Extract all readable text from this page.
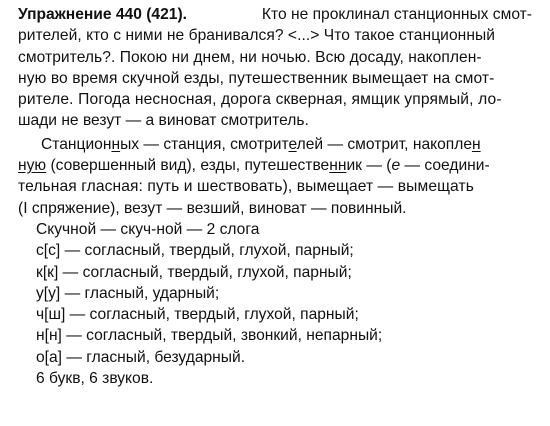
Упражнение 440 (421).	Кто не проклинал станционных смот-
рителей, кто с ними не бранивался? <...> Что такое станционный
смотритель?. Покою ни днем, ни ночью. Всю досаду, накоплен-
ную во время скучной езды, путешественник вымещает на смот-
рителе. Погода несносная, дорога скверная, ямщик упрямый, ло-
шади не везут — а виноват смотритель.
Станционных — станция, смотрителей — смотрит, накоплен
ную (совершенный вид), езды, путешественник — (е — соедини-
тельная гласная: путь и шествовать), вымещает — вымещать
(I спряжение), везут — везший, виноват — повинный.
Скучной — скуч-ной — 2 слога
с[с] — согласный, твердый, глухой, парный;
к[к] — согласный, твердый, глухой, парный;
у[у] — гласный, ударный;
ч[ш] — согласный, твердый, глухой, парный;
н[н] — согласный, твердый, звонкий, непарный;
о[а] — гласный, безударный.
6 букв, 6 звуков.
